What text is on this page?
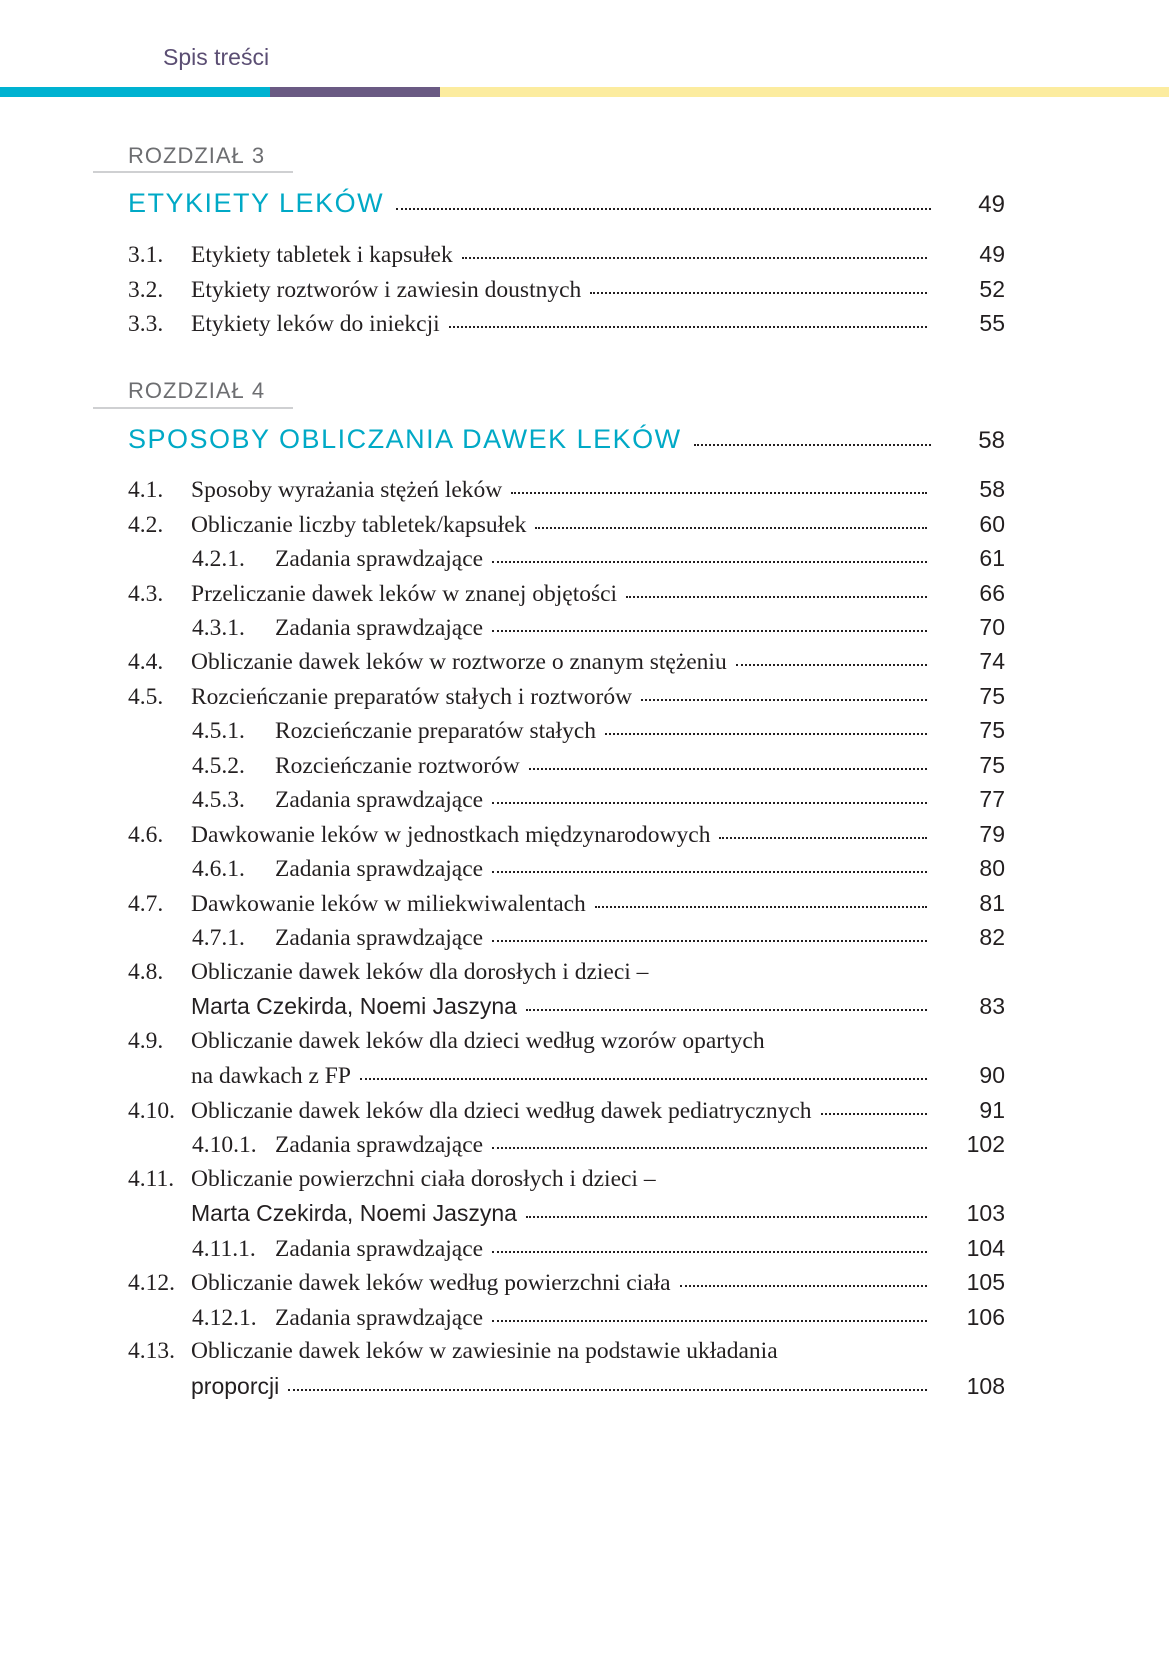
Spis treści
ROZDZIAŁ 3
ETYKIETY LEKÓW	49
3.1.	Etykiety tabletek i kapsułek	49
3.2.	Etykiety roztworów i zawiesin doustnych	52
3.3.	Etykiety leków do iniekcji	55
ROZDZIAŁ 4
SPOSOBY OBLICZANIA DAWEK LEKÓW	58
4.1.	Sposoby wyrażania stężeń leków	58
4.2.	Obliczanie liczby tabletek/kapsułek	60
4.2.1.	Zadania sprawdzające	61
4.3.	Przeliczanie dawek leków w znanej objętości	66
4.3.1.	Zadania sprawdzające	70
4.4.	Obliczanie dawek leków w roztworze o znanym stężeniu	74
4.5.	Rozcieńczanie preparatów stałych i roztworów	75
4.5.1.	Rozcieńczanie preparatów stałych	75
4.5.2.	Rozcieńczanie roztworów	75
4.5.3.	Zadania sprawdzające	77
4.6.	Dawkowanie leków w jednostkach międzynarodowych	79
4.6.1.	Zadania sprawdzające	80
4.7.	Dawkowanie leków w miliekwiwalentach	81
4.7.1.	Zadania sprawdzające	82
4.8.	Obliczanie dawek leków dla dorosłych i dzieci –
Marta Czekirda, Noemi Jaszyna	83
4.9.	Obliczanie dawek leków dla dzieci według wzorów opartych
na dawkach z FP	90
4.10. Obliczanie dawek leków dla dzieci według dawek pediatrycznych	91
4.10.1. Zadania sprawdzające	102
4.11. Obliczanie powierzchni ciała dorosłych i dzieci –
Marta Czekirda, Noemi Jaszyna	103
4.11.1. Zadania sprawdzające	104
4.12. Obliczanie dawek leków według powierzchni ciała	105
4.12.1. Zadania sprawdzające	106
4.13. Obliczanie dawek leków w zawiesinie na podstawie układania
proporcji	108
